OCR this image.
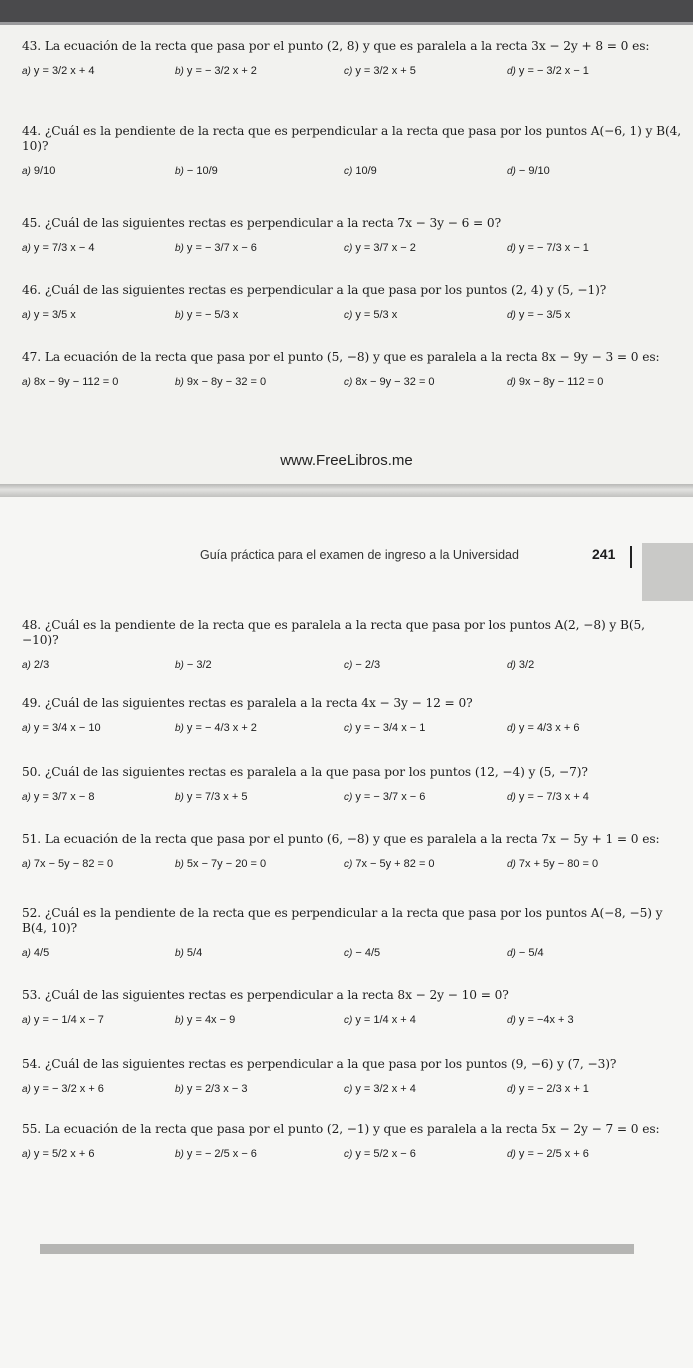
43. La ecuación de la recta que pasa por el punto (2, 8) y que es paralela a la recta 3x − 2y + 8 = 0 es:
a) y = 3/2 x + 4	b) y = − 3/2 x + 2	c) y = 3/2 x + 5	d) y = − 3/2 x − 1
44. ¿Cuál es la pendiente de la recta que es perpendicular a la recta que pasa por los puntos A(−6, 1) y B(4, 10)?
a) 9/10	b) − 10/9	c) 10/9	d) − 9/10
45. ¿Cuál de las siguientes rectas es perpendicular a la recta 7x − 3y − 6 = 0?
a) y = 7/3 x − 4	b) y = − 3/7 x − 6	c) y = 3/7 x − 2	d) y = − 7/3 x − 1
46. ¿Cuál de las siguientes rectas es perpendicular a la que pasa por los puntos (2, 4) y (5, −1)?
a) y = 3/5 x	b) y = − 5/3 x	c) y = 5/3 x	d) y = − 3/5 x
47. La ecuación de la recta que pasa por el punto (5, −8) y que es paralela a la recta 8x − 9y − 3 = 0 es:
a) 8x − 9y − 112 = 0	b) 9x − 8y − 32 = 0	c) 8x − 9y − 32 = 0	d) 9x − 8y − 112 = 0
www.FreeLibros.me
Guía práctica para el examen de ingreso a la Universidad	241
48. ¿Cuál es la pendiente de la recta que es paralela a la recta que pasa por los puntos A(2, −8) y B(5, −10)?
a) 2/3	b) − 3/2	c) − 2/3	d) 3/2
49. ¿Cuál de las siguientes rectas es paralela a la recta 4x − 3y − 12 = 0?
a) y = 3/4 x − 10	b) y = − 4/3 x + 2	c) y = − 3/4 x − 1	d) y = 4/3 x + 6
50. ¿Cuál de las siguientes rectas es paralela a la que pasa por los puntos (12, −4) y (5, −7)?
a) y = 3/7 x − 8	b) y = 7/3 x + 5	c) y = − 3/7 x − 6	d) y = − 7/3 x + 4
51. La ecuación de la recta que pasa por el punto (6, −8) y que es paralela a la recta 7x − 5y + 1 = 0 es:
a) 7x − 5y − 82 = 0	b) 5x − 7y − 20 = 0	c) 7x − 5y + 82 = 0	d) 7x + 5y − 80 = 0
52. ¿Cuál es la pendiente de la recta que es perpendicular a la recta que pasa por los puntos A(−8, −5) y B(4, 10)?
a) 4/5	b) 5/4	c) − 4/5	d) − 5/4
53. ¿Cuál de las siguientes rectas es perpendicular a la recta 8x − 2y − 10 = 0?
a) y = − 1/4 x − 7	b) y = 4x − 9	c) y = 1/4 x + 4	d) y = −4x + 3
54. ¿Cuál de las siguientes rectas es perpendicular a la que pasa por los puntos (9, −6) y (7, −3)?
a) y = − 3/2 x + 6	b) y = 2/3 x − 3	c) y = 3/2 x + 4	d) y = − 2/3 x + 1
55. La ecuación de la recta que pasa por el punto (2, −1) y que es paralela a la recta 5x − 2y − 7 = 0 es:
a) y = 5/2 x + 6	b) y = − 2/5 x − 6	c) y = 5/2 x − 6	d) y = − 2/5 x + 6
